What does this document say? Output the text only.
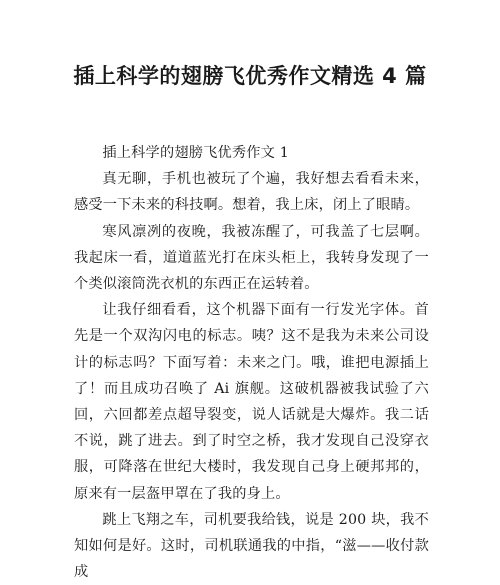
插上科学的翅膀飞优秀作文精选 4 篇

插上科学的翅膀飞优秀作文 1

真无聊，手机也被玩了个遍，我好想去看看未来，感受一下未来的科技啊。想着，我上床，闭上了眼睛。

寒风凛冽的夜晚，我被冻醒了，可我盖了七层啊。我起床一看，道道蓝光打在床头柜上，我转身发现了一个类似滚筒洗衣机的东西正在运转着。

让我仔细看看，这个机器下面有一行发光字体。首先是一个双沟闪电的标志。咦？这不是我为未来公司设计的标志吗？下面写着：未来之门。哦，谁把电源插上了！而且成功召唤了 Ai 旗舰。这破机器被我试验了六回，六回都差点超导裂变，说人话就是大爆炸。我二话不说，跳了进去。到了时空之桥，我才发现自己没穿衣服，可降落在世纪大楼时，我发现自己身上硬邦邦的，原来有一层盔甲罩在了我的身上。

跳上飞翔之车，司机要我给钱，说是 200 块，我不知如何是好。这时，司机联通我的中指，“滋——收付款成
